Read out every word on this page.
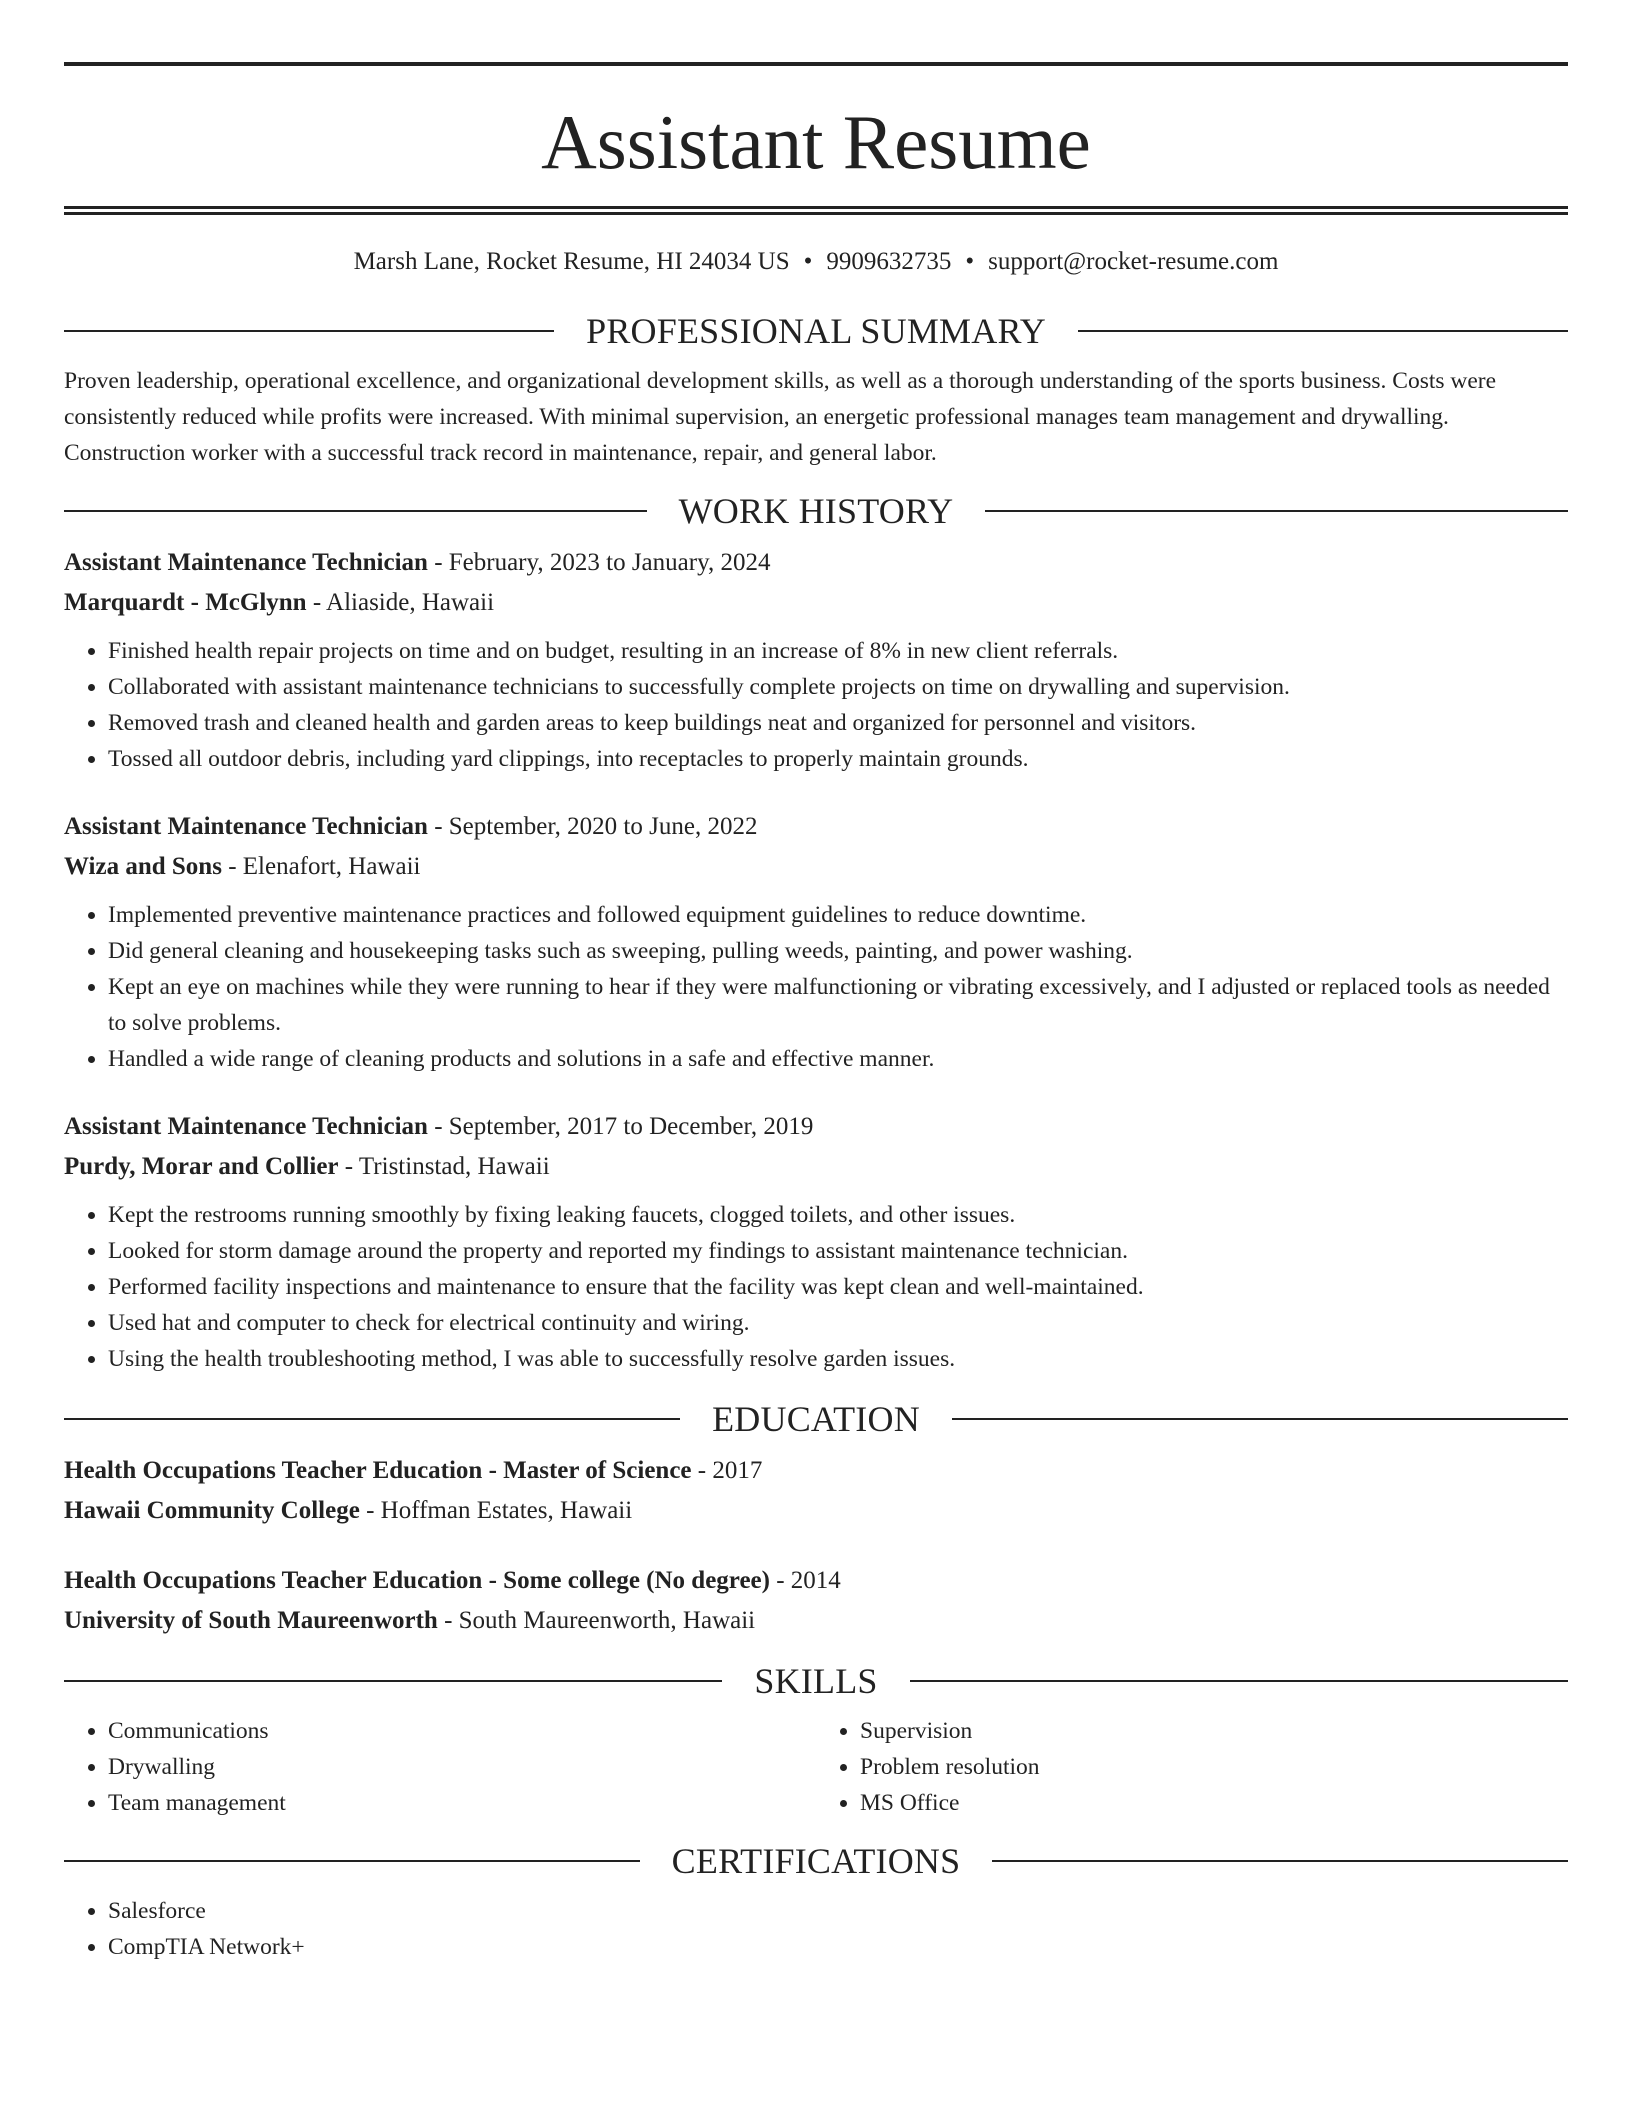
Assistant Resume
Marsh Lane, Rocket Resume, HI 24034 US • 9909632735 • support@rocket-resume.com
PROFESSIONAL SUMMARY

Proven leadership, operational excellence, and organizational development skills, as well as a thorough understanding of the sports business. Costs were consistently reduced while profits were increased. With minimal supervision, an energetic professional manages team management and drywalling. Construction worker with a successful track record in maintenance, repair, and general labor.

WORK HISTORY
Assistant Maintenance Technician - February, 2023 to January, 2024
Marquardt - McGlynn - Aliaside, Hawaii
• Finished health repair projects on time and on budget, resulting in an increase of 8% in new client referrals.
• Collaborated with assistant maintenance technicians to successfully complete projects on time on drywalling and supervision.
• Removed trash and cleaned health and garden areas to keep buildings neat and organized for personnel and visitors.
• Tossed all outdoor debris, including yard clippings, into receptacles to properly maintain grounds.
Assistant Maintenance Technician - September, 2020 to June, 2022
Wiza and Sons - Elenafort, Hawaii
• Implemented preventive maintenance practices and followed equipment guidelines to reduce downtime.
• Did general cleaning and housekeeping tasks such as sweeping, pulling weeds, painting, and power washing.
• Kept an eye on machines while they were running to hear if they were malfunctioning or vibrating excessively, and I adjusted or replaced tools as needed to solve problems.
• Handled a wide range of cleaning products and solutions in a safe and effective manner.
Assistant Maintenance Technician - September, 2017 to December, 2019
Purdy, Morar and Collier - Tristinstad, Hawaii
• Kept the restrooms running smoothly by fixing leaking faucets, clogged toilets, and other issues.
• Looked for storm damage around the property and reported my findings to assistant maintenance technician.
• Performed facility inspections and maintenance to ensure that the facility was kept clean and well-maintained.
• Used hat and computer to check for electrical continuity and wiring.
• Using the health troubleshooting method, I was able to successfully resolve garden issues.
EDUCATION
Health Occupations Teacher Education - Master of Science - 2017
Hawaii Community College - Hoffman Estates, Hawaii
Health Occupations Teacher Education - Some college (No degree) - 2014
University of South Maureenworth - South Maureenworth, Hawaii
SKILLS
• Communications
• Drywalling
• Team management
• Supervision
• Problem resolution
• MS Office
CERTIFICATIONS
• Salesforce
• CompTIA Network+
